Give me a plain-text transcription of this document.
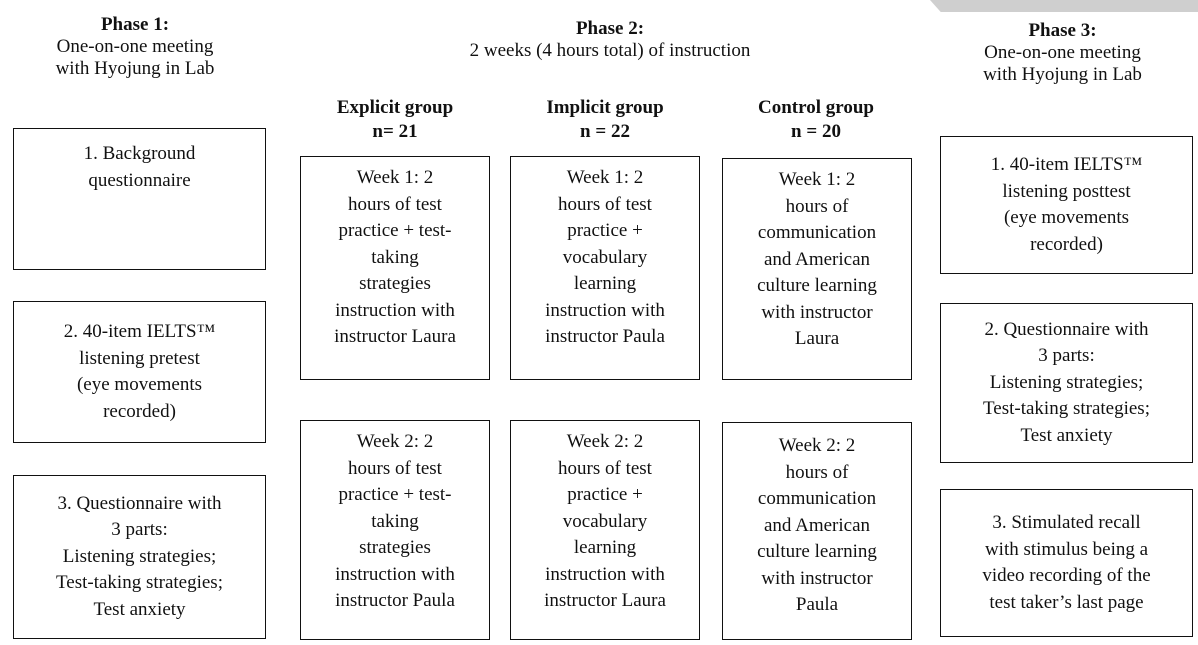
Phase 1:
One-on-one meeting
with Hyojung in Lab
Phase 2:
2 weeks (4 hours total) of instruction
Phase 3:
One-on-one meeting
with Hyojung in Lab
Explicit group
n= 21
Implicit group
n = 22
Control group
n = 20
1. Background
questionnaire
2. 40-item IELTS™
listening pretest
(eye movements
recorded)
3. Questionnaire with
3 parts:
Listening strategies;
Test-taking strategies;
Test anxiety
Week 1: 2
hours of test
practice + test-
taking
strategies
instruction with
instructor Laura
Week 1: 2
hours of test
practice +
vocabulary
learning
instruction with
instructor Paula
Week 1: 2
hours of
communication
and American
culture learning
with instructor
Laura
Week 2: 2
hours of test
practice + test-
taking
strategies
instruction with
instructor Paula
Week 2: 2
hours of test
practice +
vocabulary
learning
instruction with
instructor Laura
Week 2: 2
hours of
communication
and American
culture learning
with instructor
Paula
1. 40-item IELTS™
listening posttest
(eye movements
recorded)
2. Questionnaire with
3 parts:
Listening strategies;
Test-taking strategies;
Test anxiety
3. Stimulated recall
with stimulus being a
video recording of the
test taker’s last page
